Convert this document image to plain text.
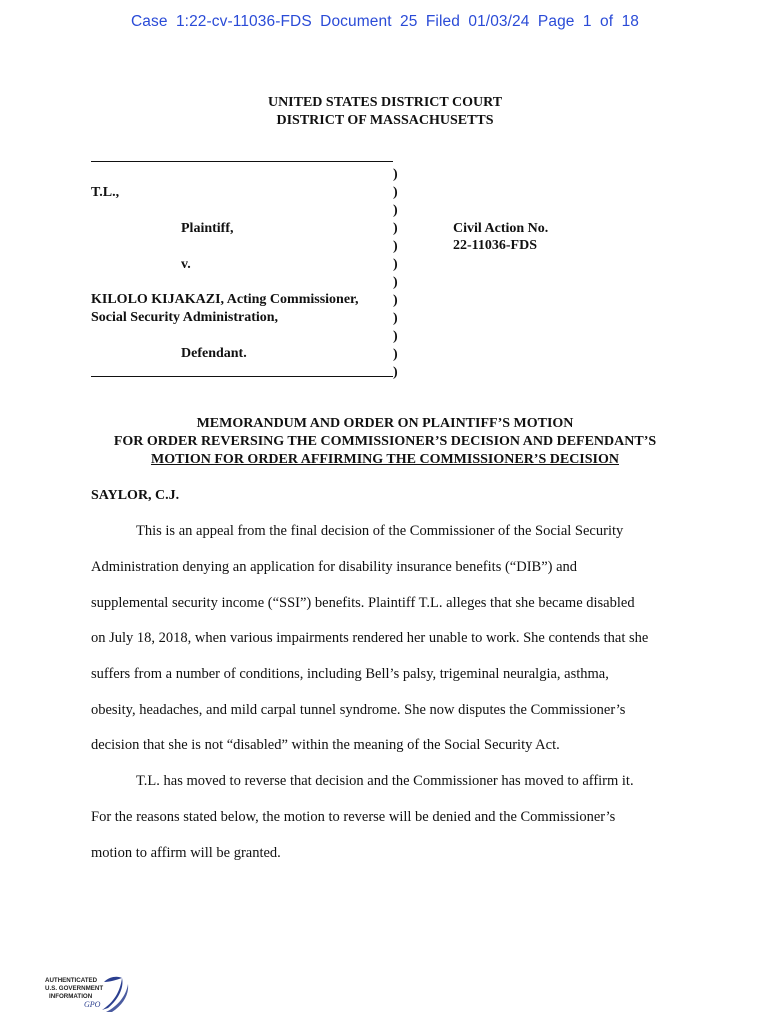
Case 1:22-cv-11036-FDS Document 25 Filed 01/03/24 Page 1 of 18
UNITED STATES DISTRICT COURT
DISTRICT OF MASSACHUSETTS
)
)
)
)
)
)
)
)
)
)
)
)
T.L.,
Plaintiff,
v.
KILOLO KIJAKAZI, Acting Commissioner,
Social Security Administration,
Defendant.
Civil Action No.
22-11036-FDS
MEMORANDUM AND ORDER ON PLAINTIFF’S MOTION
FOR ORDER REVERSING THE COMMISSIONER’S DECISION AND DEFENDANT’S
MOTION FOR ORDER AFFIRMING THE COMMISSIONER’S DECISION
SAYLOR, C.J.
This is an appeal from the final decision of the Commissioner of the Social Security
Administration denying an application for disability insurance benefits (“DIB”) and
supplemental security income (“SSI”) benefits. Plaintiff T.L. alleges that she became disabled
on July 18, 2018, when various impairments rendered her unable to work. She contends that she
suffers from a number of conditions, including Bell’s palsy, trigeminal neuralgia, asthma,
obesity, headaches, and mild carpal tunnel syndrome. She now disputes the Commissioner’s
decision that she is not “disabled” within the meaning of the Social Security Act.
T.L. has moved to reverse that decision and the Commissioner has moved to affirm it.
For the reasons stated below, the motion to reverse will be denied and the Commissioner’s
motion to affirm will be granted.
AUTHENTICATED
U.S. GOVERNMENT
INFORMATION
GPO
